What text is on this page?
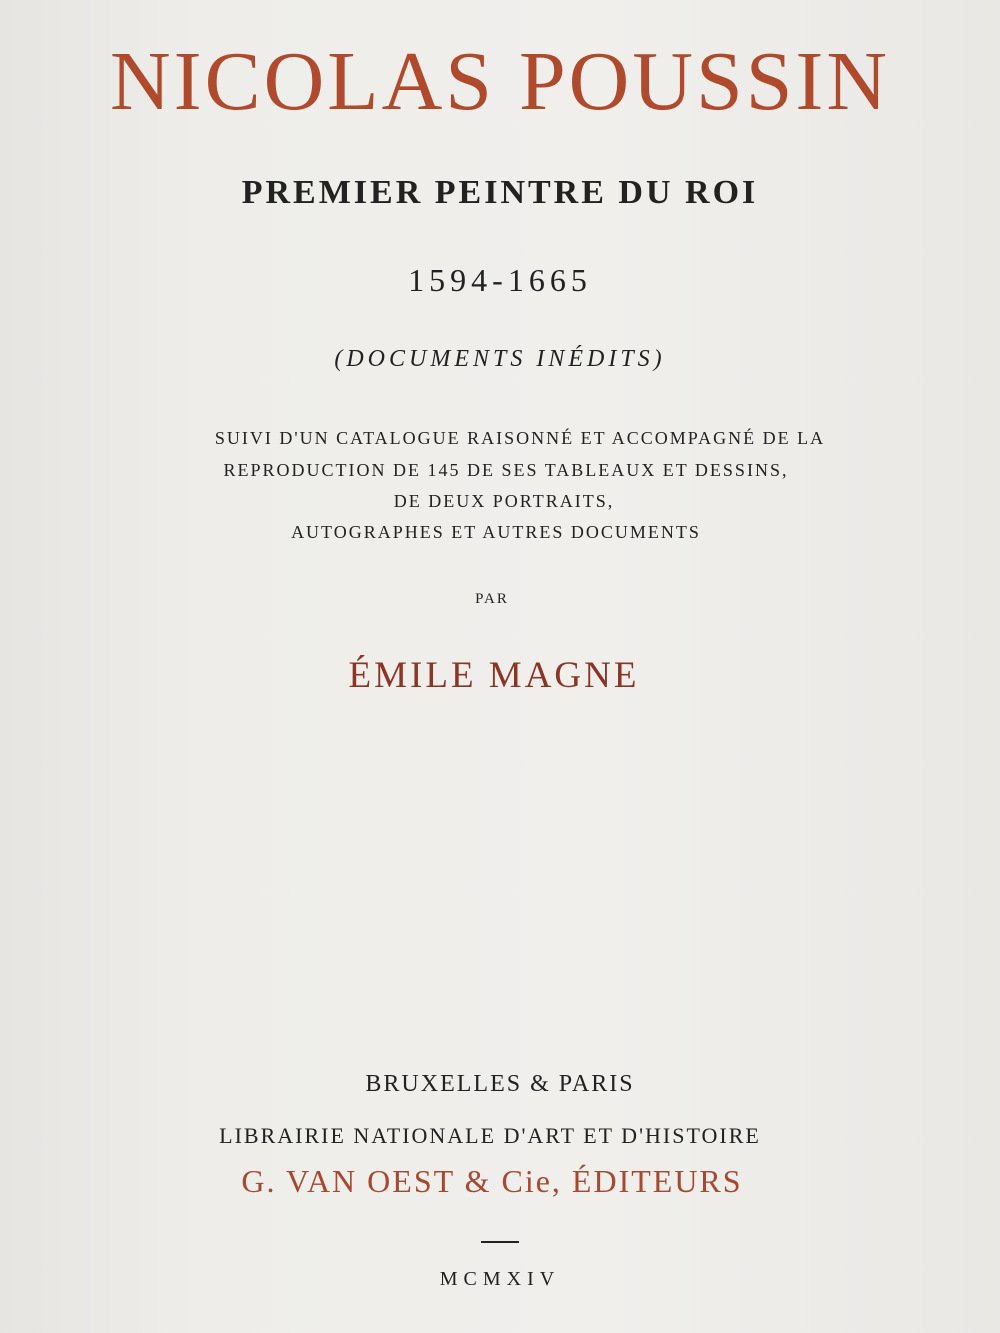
NICOLAS POUSSIN
PREMIER PEINTRE DU ROI
1594-1665
(DOCUMENTS INÉDITS)
SUIVI D'UN CATALOGUE RAISONNÉ ET ACCOMPAGNÉ DE LA
REPRODUCTION DE 145 DE SES TABLEAUX ET DESSINS,
DE DEUX PORTRAITS,
AUTOGRAPHES ET AUTRES DOCUMENTS
PAR
ÉMILE MAGNE
BRUXELLES & PARIS
LIBRAIRIE NATIONALE D'ART ET D'HISTOIRE
G. VAN OEST & Cie, ÉDITEURS
MCMXIV
